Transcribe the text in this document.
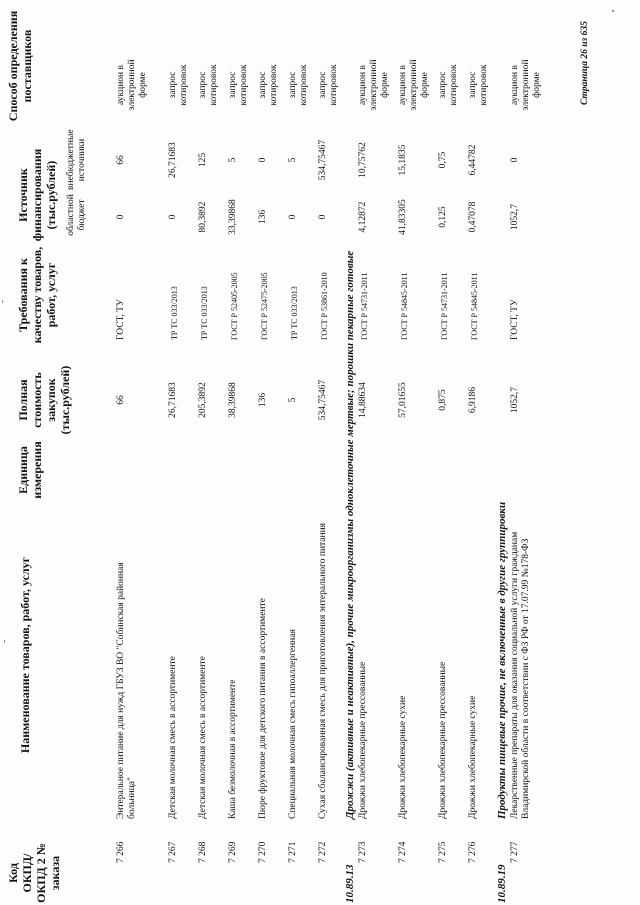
Код ОКПД/ ОКПД 2 № заказа
Наименование товаров, работ, услуг
Единица измерения
Полная стоимость закупок (тыс.рублей)
Требования к качеству товаров, работ, услуг
Источник финансирования (тыс.рублей) областной бюджет
внебюджетные источники
Способ определения поставщиков
7 266
Энтеральное питание для нужд ГБУЗ ВО "Собинская районная больница"
66
ГОСТ, ТУ
0
66
аукцион в электронной форме
7 267
Детская молочная смесь в ассортименте
26,71683
ТР ТС 033/2013
0
26,71683
запрос котировок
7 268
Детская молочная смесь в ассортименте
205,3892
ТР ТС 033/2013
80,3892
125
запрос котировок
7 269
Каша безмолочная в ассортименте
38,39868
ГОСТ Р 52405-2005
33,39868
5
запрос котировок
7 270
Пюре фруктовое для детского питания в ассортименте
136
ГОСТ Р 52475-2005
136
0
запрос котировок
7 271
Специальная молочная смесь гипоаллергенная
5
ТР ТС 033/2013
0
5
запрос котировок
7 272
Сухая сбалансированная смесь для приготовления энтерального питания
534,75467
ГОСТ Р 53861-2010
0
534,75467
запрос котировок
10.89.13
Дрожжи (активные и неактивные), прочие микроорганизмы одноклеточные мертвые; порошки пекарные готовые
7 273
Дрожжи хлебопекарные прессованные
14,88634
ГОСТ Р 54731-2011
4,12872
10,75762
аукцион в электронной форме
7 274
Дрожжи хлебопекарные сухие
57,01655
ГОСТ Р 54845-2011
41,83305
15,1835
аукцион в электронной форме
7 275
Дрожжи хлебопекарные прессованные
0,875
ГОСТ Р 54731-2011
0,125
0,75
запрос котировок
7 276
Дрожжи хлебопекарные сухие
6,9186
ГОСТ Р 54845-2011
0,47078
6,44782
запрос котировок
10.89.19
Продукты пищевые прочие, не включенные в другие группировки
7 277
Лекарственные препараты для оказания социальной услуги гражданам Владимирской области в соответствии с ФЗ РФ от 17.07.99 №178-ФЗ
1052,7
ГОСТ, ТУ
1052,7
0
аукцион в электронной форме	Страница 26 из 635
